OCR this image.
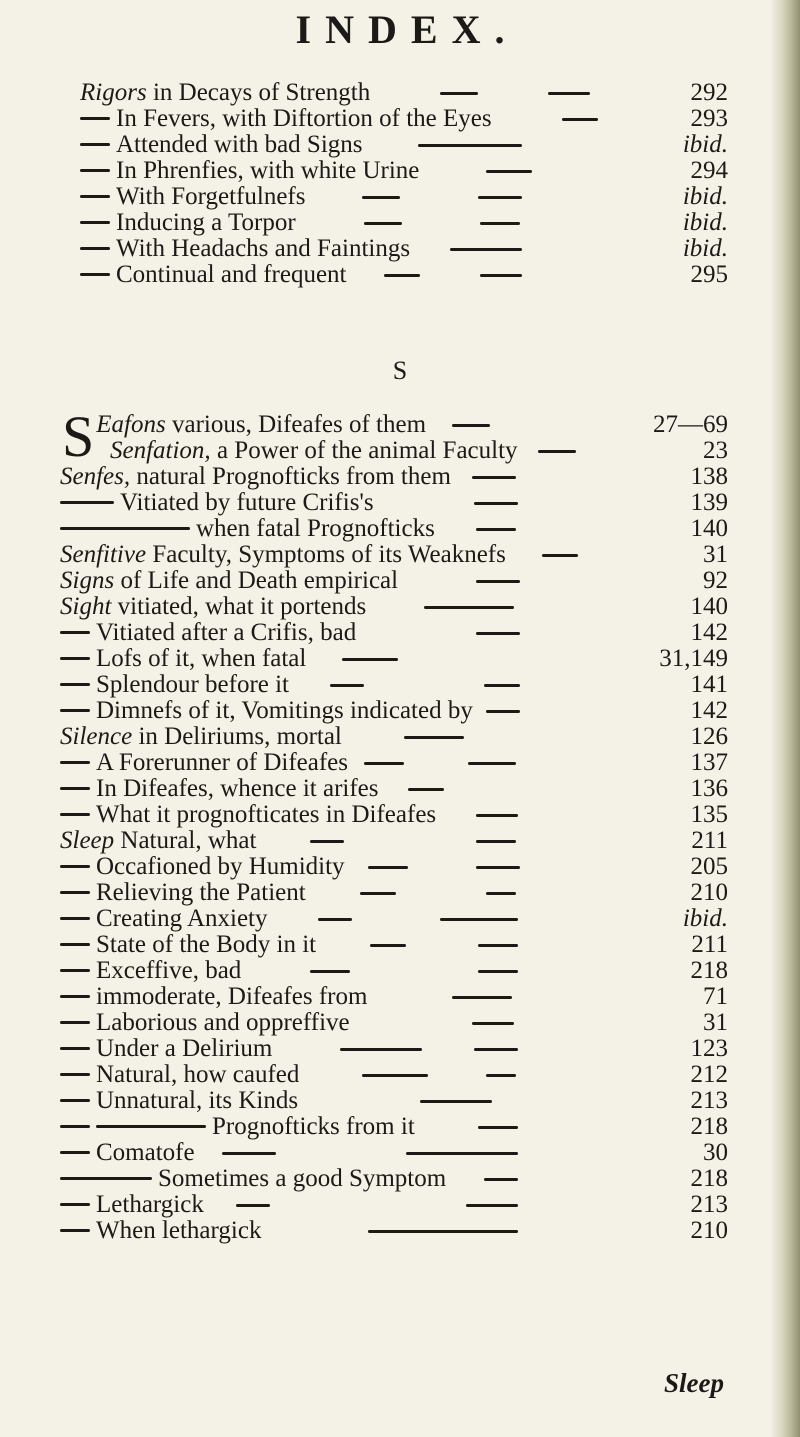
INDEX.
Rigors in Decays of Strength	292
In Fevers, with Diftortion of the Eyes	293
Attended with bad Signs	ibid.
In Phrenfies, with white Urine	294
With Forgetfulnefs	ibid.
Inducing a Torpor	ibid.
With Headachs and Faintings	ibid.
Continual and frequent	295
S
S Eafons various, Difeafes of them	27—69
Senfation, a Power of the animal Faculty	23
Senfes, natural Prognofticks from them	138
Vitiated by future Crifis's	139
when fatal Prognofticks	140
Senfitive Faculty, Symptoms of its Weaknefs	31
Signs of Life and Death empirical	92
Sight vitiated, what it portends	140
Vitiated after a Crifis, bad	142
Lofs of it, when fatal	31,149
Splendour before it	141
Dimnefs of it, Vomitings indicated by	142
Silence in Deliriums, mortal	126
A Forerunner of Difeafes	137
In Difeafes, whence it arifes	136
What it prognofticates in Difeafes	135
Sleep Natural, what	211
Occafioned by Humidity	205
Relieving the Patient	210
Creating Anxiety	ibid.
State of the Body in it	211
Exceffive, bad	218
immoderate, Difeafes from	71
Laborious and oppreffive	31
Under a Delirium	123
Natural, how caufed	212
Unnatural, its Kinds	213
Prognofticks from it	218
Comatofe	30
Sometimes a good Symptom	218
Lethargick	213
When lethargick	210
Sleep
